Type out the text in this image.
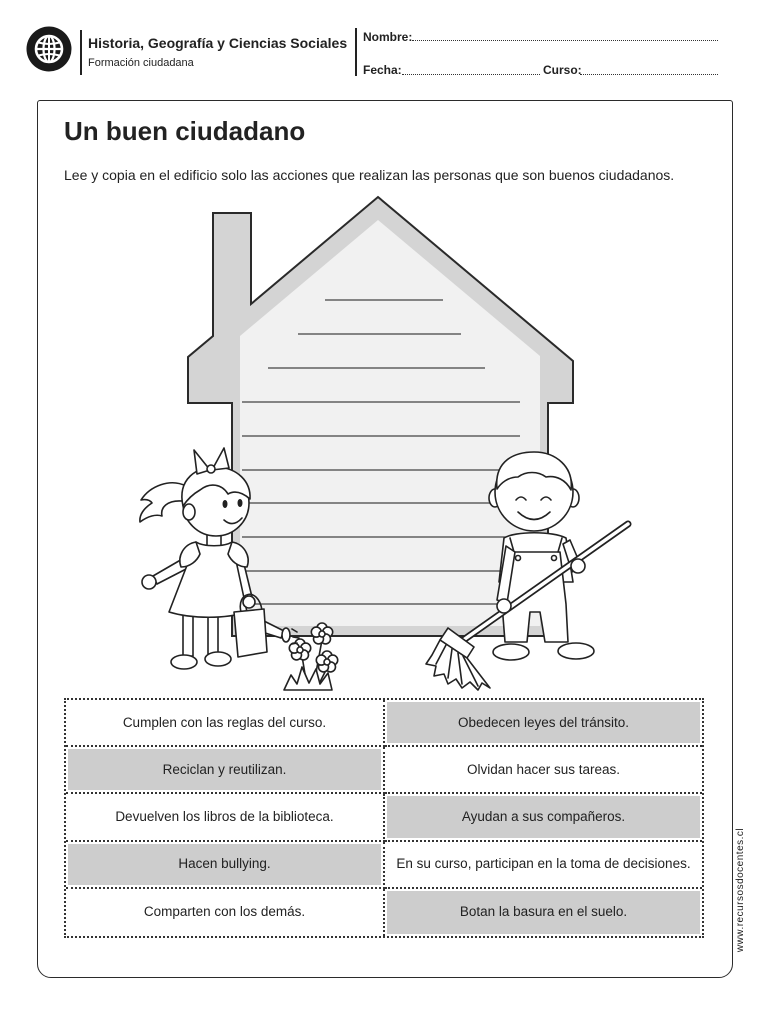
Historia, Geografía y Ciencias Sociales
Formación ciudadana
Nombre:
Fecha:	Curso:
Un buen ciudadano
Lee y copia en el edificio solo las acciones que realizan las personas que son buenos ciudadanos.
Cumplen con las reglas del curso.	Obedecen leyes del tránsito.
Reciclan y reutilizan.	Olvidan hacer sus tareas.
Devuelven los libros de la biblioteca.	Ayudan a sus compañeros.
Hacen bullying.	En su curso, participan en la toma de decisiones.
Comparten con los demás.	Botan la basura en el suelo.	www.recursosdocentes.cl
